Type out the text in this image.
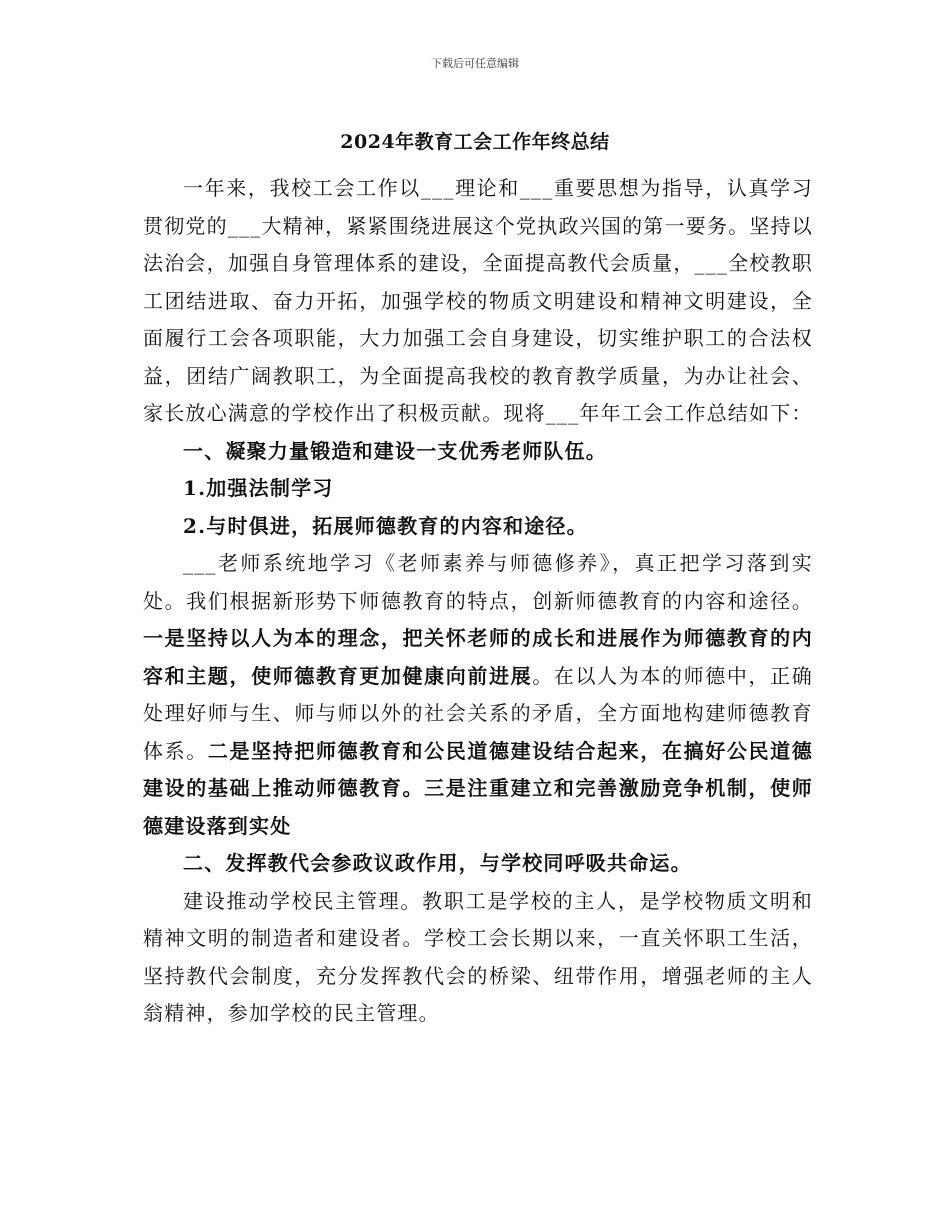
下载后可任意编辑
2024年教育工会工作年终总结

一年来，我校工会工作以___理论和___重要思想为指导，认真学习贯彻党的___大精神，紧紧围绕进展这个党执政兴国的第一要务。坚持以法治会，加强自身管理体系的建设，全面提高教代会质量，___全校教职工团结进取、奋力开拓，加强学校的物质文明建设和精神文明建设，全面履行工会各项职能，大力加强工会自身建设，切实维护职工的合法权益，团结广阔教职工，为全面提高我校的教育教学质量，为办让社会、家长放心满意的学校作出了积极贡献。现将___年年工会工作总结如下：

一、凝聚力量锻造和建设一支优秀老师队伍。

1.加强法制学习

2.与时俱进，拓展师德教育的内容和途径。

___老师系统地学习《老师素养与师德修养》，真正把学习落到实处。我们根据新形势下师德教育的特点，创新师德教育的内容和途径。一是坚持以人为本的理念，把关怀老师的成长和进展作为师德教育的内容和主题，使师德教育更加健康向前进展。在以人为本的师德中，正确处理好师与生、师与师以外的社会关系的矛盾，全方面地构建师德教育体系。二是坚持把师德教育和公民道德建设结合起来，在搞好公民道德建设的基础上推动师德教育。三是注重建立和完善激励竞争机制，使师德建设落到实处

二、发挥教代会参政议政作用，与学校同呼吸共命运。

建设推动学校民主管理。教职工是学校的主人，是学校物质文明和精神文明的制造者和建设者。学校工会长期以来，一直关怀职工生活，坚持教代会制度，充分发挥教代会的桥梁、纽带作用，增强老师的主人翁精神，参加学校的民主管理。
